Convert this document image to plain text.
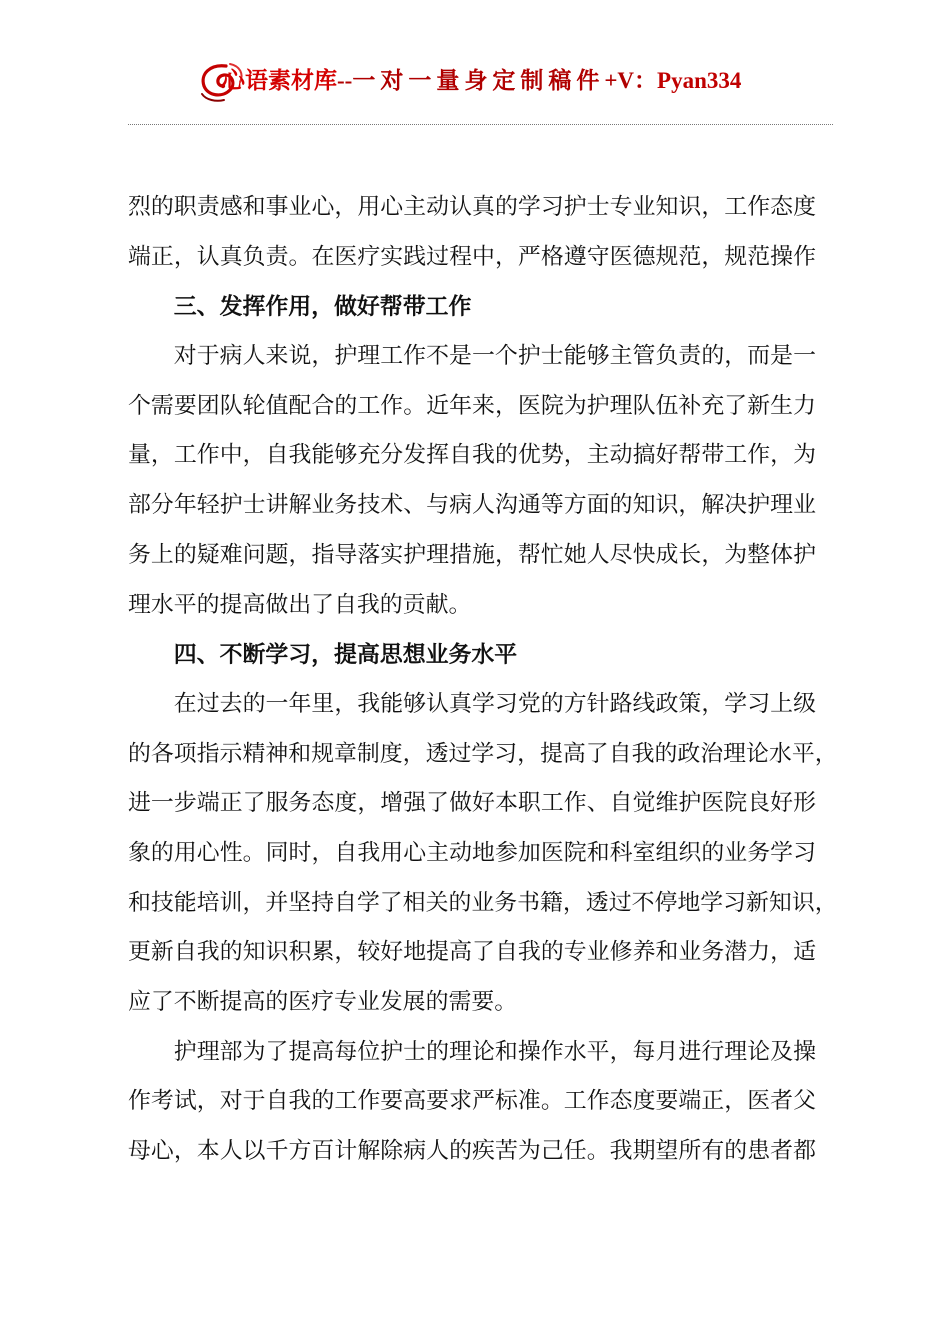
心语素材库--一对一量身定制稿件+V：Pyan334
烈的职责感和事业心，用心主动认真的学习护士专业知识，工作态度
端正，认真负责。在医疗实践过程中，严格遵守医德规范，规范操作
三、发挥作用，做好帮带工作
对于病人来说，护理工作不是一个护士能够主管负责的，而是一
个需要团队轮值配合的工作。近年来，医院为护理队伍补充了新生力
量，工作中，自我能够充分发挥自我的优势，主动搞好帮带工作，为
部分年轻护士讲解业务技术、与病人沟通等方面的知识，解决护理业
务上的疑难问题，指导落实护理措施，帮忙她人尽快成长，为整体护
理水平的提高做出了自我的贡献。
四、不断学习，提高思想业务水平
在过去的一年里，我能够认真学习党的方针路线政策，学习上级
的各项指示精神和规章制度，透过学习，提高了自我的政治理论水平，
进一步端正了服务态度，增强了做好本职工作、自觉维护医院良好形
象的用心性。同时，自我用心主动地参加医院和科室组织的业务学习
和技能培训，并坚持自学了相关的业务书籍，透过不停地学习新知识，
更新自我的知识积累，较好地提高了自我的专业修养和业务潜力，适
应了不断提高的医疗专业发展的需要。
护理部为了提高每位护士的理论和操作水平，每月进行理论及操
作考试，对于自我的工作要高要求严标准。工作态度要端正，医者父
母心，本人以千方百计解除病人的疾苦为己任。我期望所有的患者都
